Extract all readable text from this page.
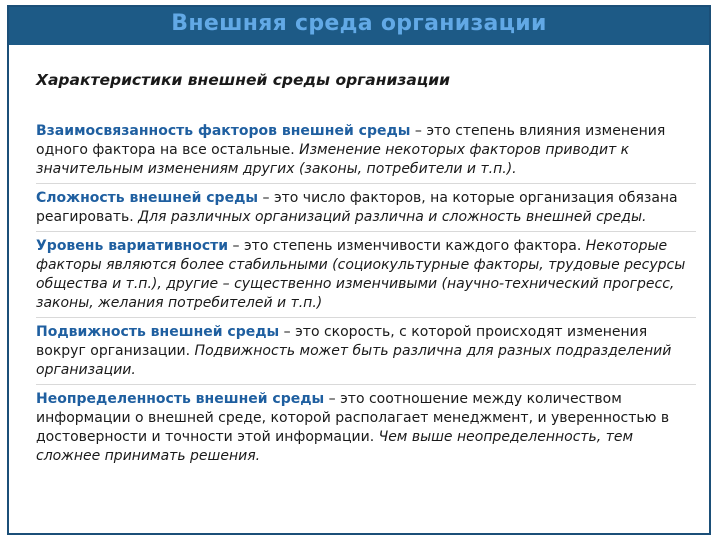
Внешняя среда организации
Характеристики внешней среды организации
Взаимосвязанность факторов внешней среды – это степень влияния изменения одного фактора на все остальные. Изменение некоторых факторов приводит к значительным изменениям других (законы, потребители и т.п.).
Сложность внешней среды – это число факторов, на которые организация обязана реагировать. Для различных организаций различна и сложность внешней среды.
Уровень вариативности – это степень изменчивости каждого фактора. Некоторые факторы являются более стабильными (социокультурные факторы, трудовые ресурсы общества и т.п.), другие – существенно изменчивыми (научно-технический прогресс, законы, желания потребителей и т.п.)
Подвижность внешней среды – это скорость, с которой происходят изменения вокруг организации. Подвижность может быть различна для разных подразделений организации.
Неопределенность внешней среды – это соотношение между количеством информации о внешней среде, которой располагает менеджмент, и уверенностью в достоверности и точности этой информации. Чем выше неопределенность, тем сложнее принимать решения.
